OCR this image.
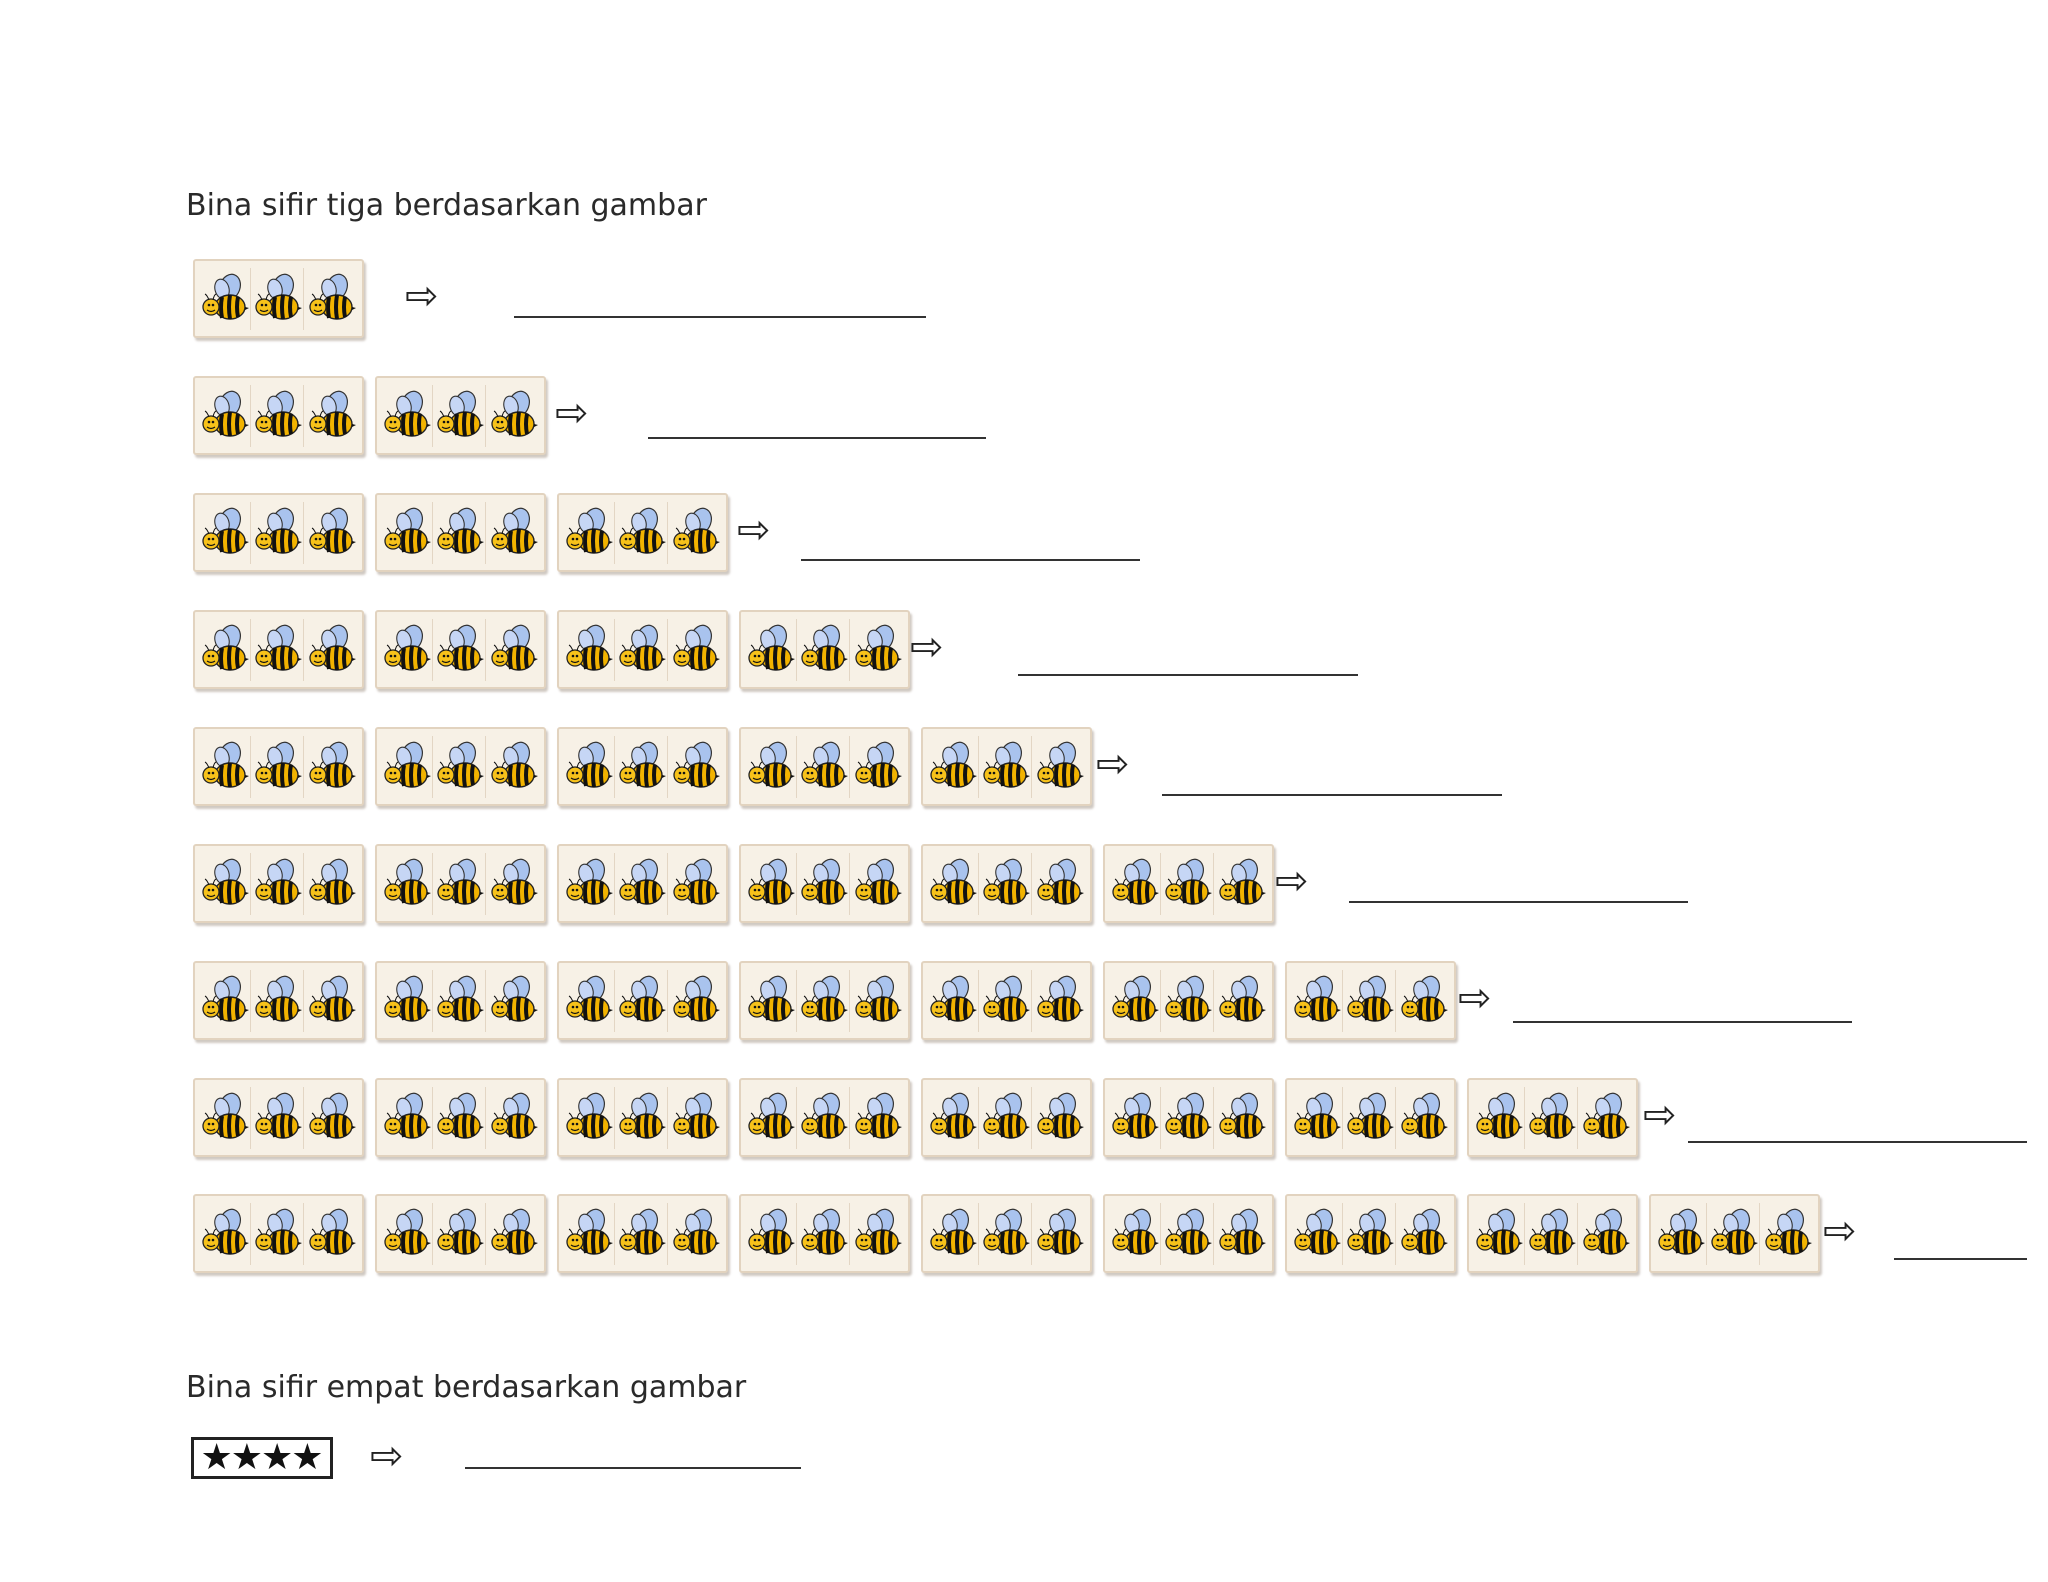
Bina sifir tiga berdasarkan gambar
Bina sifir empat berdasarkan gambar
★
★
★
★ ⇨
⇨
⇨
⇨
⇨
⇨
⇨
⇨
⇨
⇨
